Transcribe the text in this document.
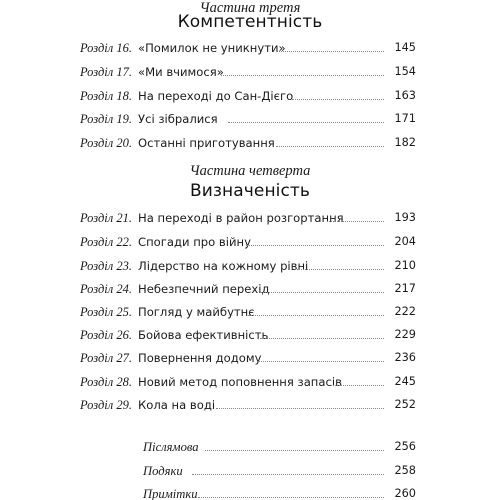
Частина третя
Компетентність
Розділ 16. «Помилок не уникнути»	145
Розділ 17. «Ми вчимося»	154
Розділ 18. На переході до Сан-Дієго	163
Розділ 19. Усі зібралися	171
Розділ 20. Останні приготування	182
Частина четверта
Визначеність
Розділ 21. На переході в район розгортання	193
Розділ 22. Спогади про війну	204
Розділ 23. Лідерство на кожному рівні	210
Розділ 24. Небезпечний перехід	217
Розділ 25. Погляд у майбутнє	222
Розділ 26. Бойова ефективність	229
Розділ 27. Повернення додому	236
Розділ 28. Новий метод поповнення запасів	245
Розділ 29. Кола на воді	252
Післямова	256
Подяки	258
Примітки	260
